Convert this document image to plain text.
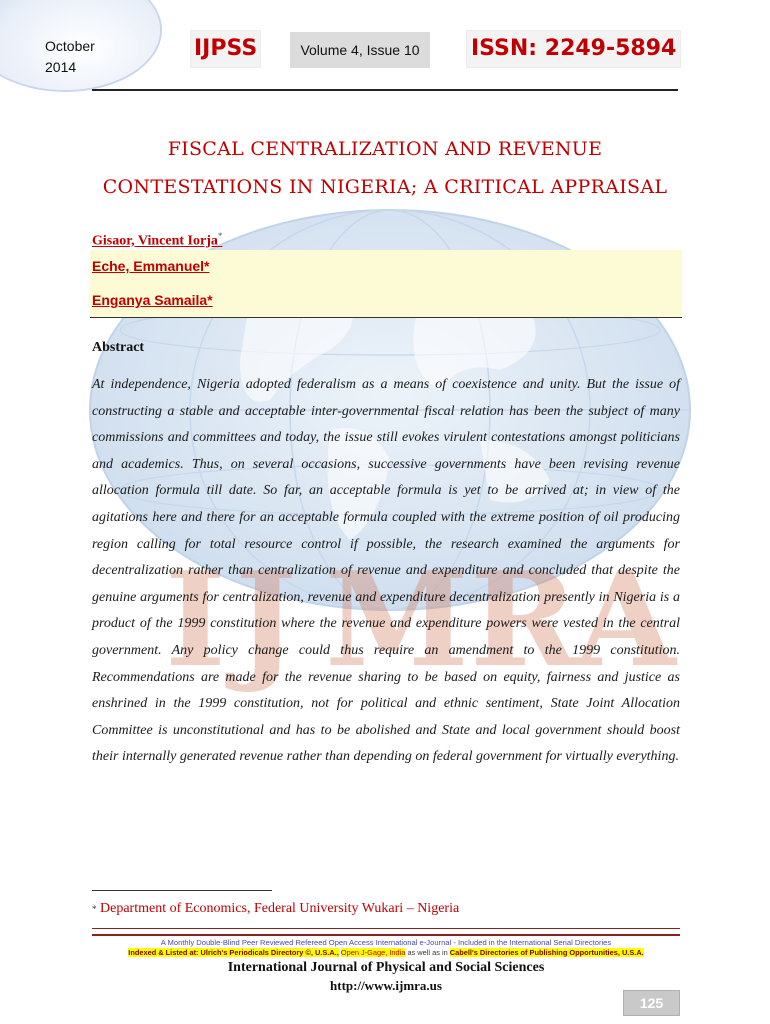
I J M R
A
October
2014
IJPSS	Volume 4, Issue 10	ISSN: 2249-5894
FISCAL CENTRALIZATION AND REVENUE
CONTESTATIONS IN NIGERIA; A CRITICAL APPRAISAL
Gisaor, Vincent Iorja*
Eche, Emmanuel*
Enganya Samaila*
Abstract
At independence, Nigeria adopted federalism as a means of coexistence and unity. But the issue of constructing a stable and acceptable inter-governmental fiscal relation has been the subject of many commissions and committees and today, the issue still evokes virulent contestations amongst politicians and academics. Thus, on several occasions, successive governments have been revising revenue allocation formula till date. So far, an acceptable formula is yet to be arrived at; in view of the agitations here and there for an acceptable formula coupled with the extreme position of oil producing region calling for total resource control if possible, the research examined the arguments for decentralization rather than centralization of revenue and expenditure and concluded that despite the genuine arguments for centralization, revenue and expenditure decentralization presently in Nigeria is a product of the 1999 constitution where the revenue and expenditure powers were vested in the central government. Any policy change could thus require an amendment to the 1999 constitution. Recommendations are made for the revenue sharing to be based on equity, fairness and justice as enshrined in the 1999 constitution, not for political and ethnic sentiment, State Joint Allocation Committee is unconstitutional and has to be abolished and State and local government should boost their internally generated revenue rather than depending on federal government for virtually everything.
* Department of Economics, Federal University Wukari – Nigeria
A Monthly Double-Blind Peer Reviewed Refereed Open Access International e-Journal - Included in the International Serial Directories
Indexed & Listed at: Ulrich's Periodicals Directory ©, U.S.A., Open J-Gage, India as well as in Cabell's Directories of Publishing Opportunities, U.S.A.
International Journal of Physical and Social Sciences
http://www.ijmra.us
125
